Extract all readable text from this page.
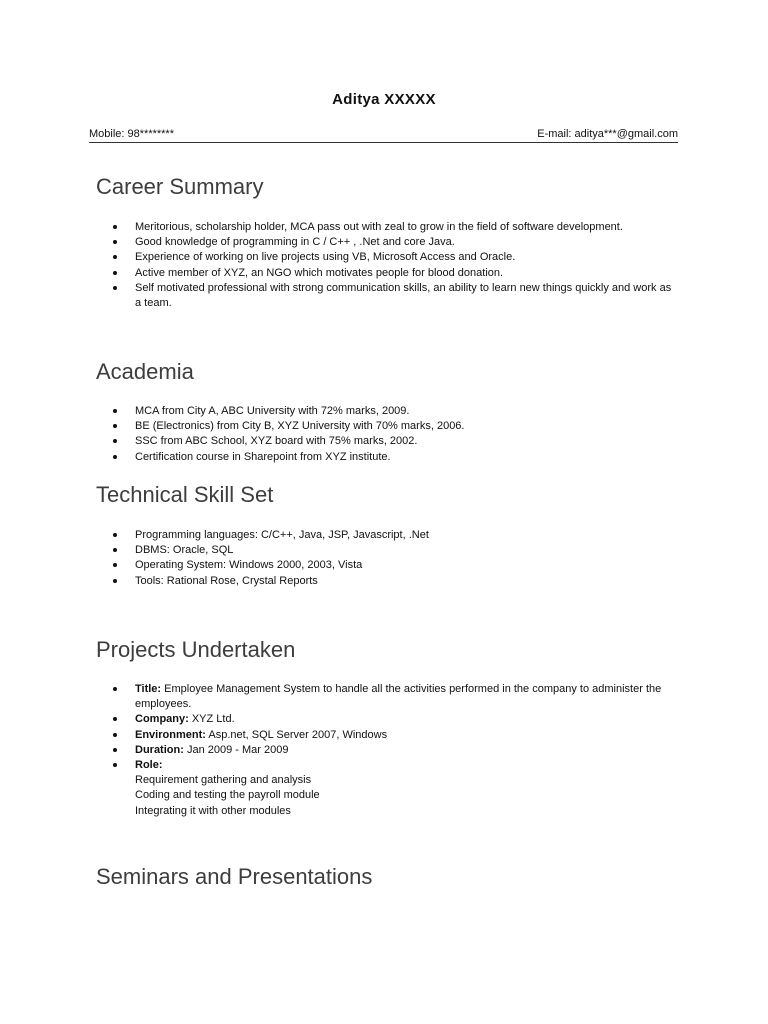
Aditya XXXXX
Mobile: 98********	E-mail: aditya***@gmail.com
Career Summary
Meritorious, scholarship holder, MCA pass out with zeal to grow in the field of software development.
Good knowledge of programming in C / C++ , .Net and core Java.
Experience of working on live projects using VB, Microsoft Access and Oracle.
Active member of XYZ, an NGO which motivates people for blood donation.
Self motivated professional with strong communication skills, an ability to learn new things quickly and work as a team.
Academia
MCA from City A, ABC University with 72% marks, 2009.
BE (Electronics) from City B, XYZ University with 70% marks, 2006.
SSC from ABC School, XYZ board with 75% marks, 2002.
Certification course in Sharepoint from XYZ institute.
Technical Skill Set
Programming languages: C/C++, Java, JSP, Javascript, .Net
DBMS: Oracle, SQL
Operating System: Windows 2000, 2003, Vista
Tools: Rational Rose, Crystal Reports
Projects Undertaken
Title: Employee Management System to handle all the activities performed in the company to administer the employees.
Company: XYZ Ltd.
Environment: Asp.net, SQL Server 2007, Windows
Duration: Jan 2009 - Mar 2009
Role:
Requirement gathering and analysis
Coding and testing the payroll module
Integrating it with other modules
Seminars and Presentations
